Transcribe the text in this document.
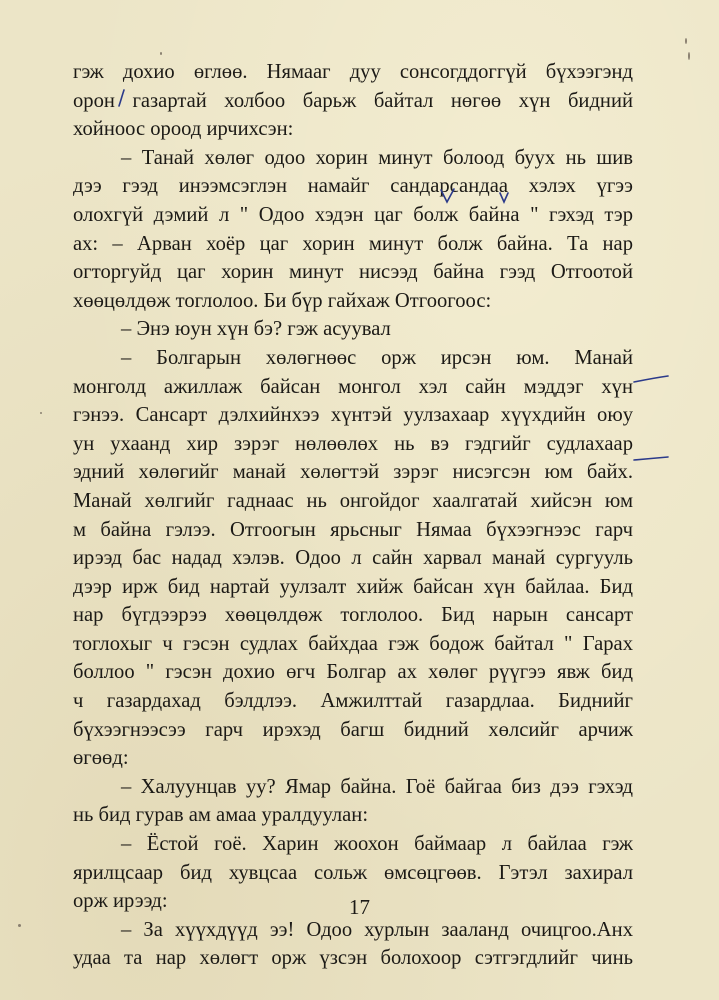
гэж дохио өглөө. Нямааг дуу сонсогддоггүй бүхээгэнд
орон газартай холбоо барьж байтал нөгөө хүн бидний
хойноос ороод ирчихсэн:
– Танай хөлөг одоо хорин минут болоод буух нь шив
дээ гээд инээмсэглэн намайг сандарсандаа хэлэх үгээ
олохгүй дэмий л " Одоо хэдэн цаг болж байна " гэхэд тэр
ах: – Арван хоёр цаг хорин минут болж байна. Та нар
огторгуйд цаг хорин минут нисээд байна гээд Отгоотой
хөөцөлдөж тоглолоо. Би бүр гайхаж Отгоогоос:
– Энэ юун хүн бэ? гэж асуувал
– Болгарын хөлөгнөөс орж ирсэн юм. Манай
монголд ажиллаж байсан монгол хэл сайн мэддэг хүн
гэнээ. Сансарт дэлхийнхээ хүнтэй уулзахаар хүүхдийн оюу
ун ухаанд хир зэрэг нөлөөлөх нь вэ гэдгийг судлахаар
эдний хөлөгийг манай хөлөгтэй зэрэг нисэгсэн юм байх.
Манай хөлгийг гаднаас нь онгойдог хаалгатай хийсэн юм
м байна гэлээ. Отгоогын ярьсныг Нямаа бүхээгнээс гарч
ирээд бас надад хэлэв. Одоо л сайн харвал манай сургууль
дээр ирж бид нартай уулзалт хийж байсан хүн байлаа. Бид
нар бүгдээрээ хөөцөлдөж тоглолоо. Бид нарын сансарт
тоглохыг ч гэсэн судлах байхдаа гэж бодож байтал " Гарах
боллоо " гэсэн дохио өгч Болгар ах хөлөг рүүгээ явж бид
ч газардахад бэлдлээ. Амжилттай газардлаа. Биднийг
бүхээгнээсээ гарч ирэхэд багш бидний хөлсийг арчиж
өгөөд:
– Халуунцав уу? Ямар байна. Гоё байгаа биз дээ гэхэд
нь бид гурав ам амаа уралдуулан:
– Ёстой гоё. Харин жоохон баймаар л байлаа гэж
ярилцсаар бид хувцсаа сольж өмсөцгөөв. Гэтэл захирал
орж ирээд:
– За хүүхдүүд ээ! Одоо хурлын зааланд очицгоо.Анх
удаа та нар хөлөгт орж үзсэн болохоор сэтгэгдлийг чинь
17
